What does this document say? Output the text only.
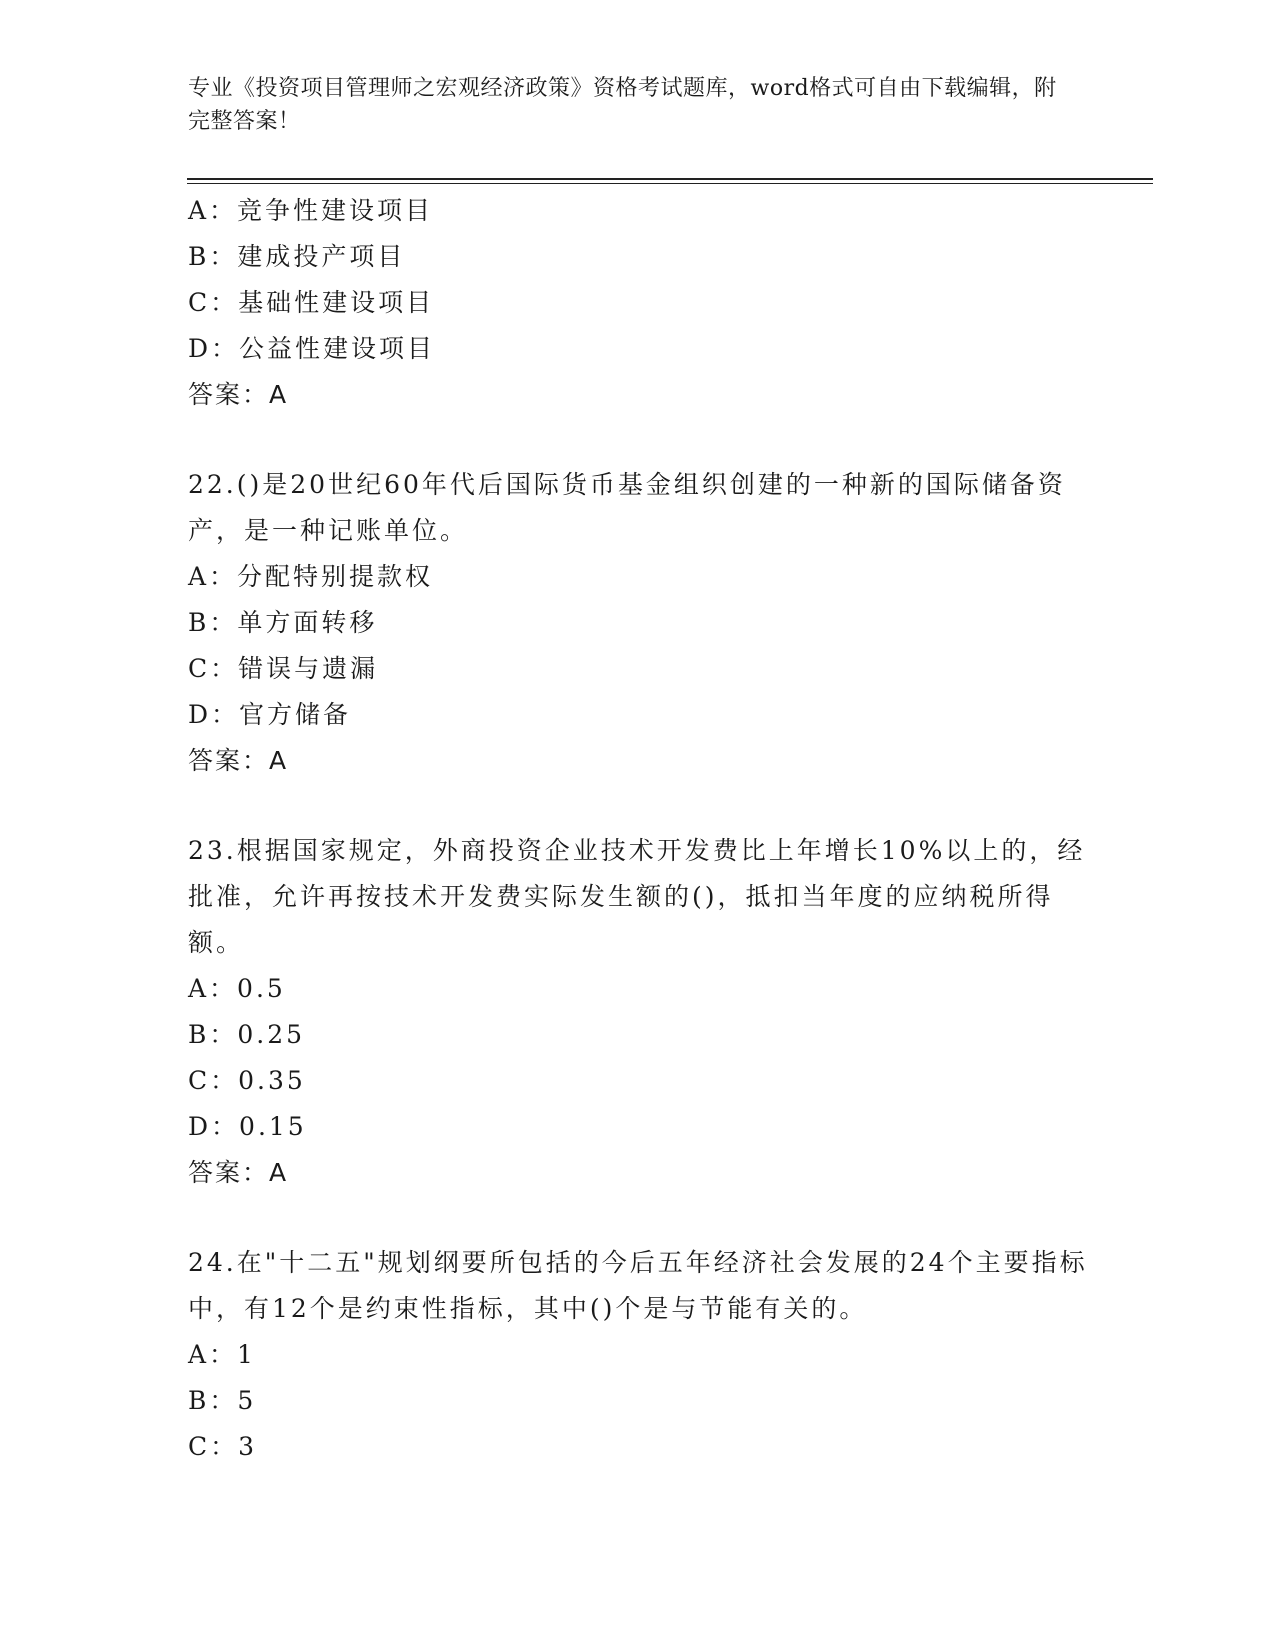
专业《投资项目管理师之宏观经济政策》资格考试题库，word格式可自由下载编辑，附完整答案！
A：竞争性建设项目
B：建成投产项目
C：基础性建设项目
D：公益性建设项目
答案：A
22.()是20世纪60年代后国际货币基金组织创建的一种新的国际储备资产，是一种记账单位。
A：分配特别提款权
B：单方面转移
C：错误与遗漏
D：官方储备
答案：A
23.根据国家规定，外商投资企业技术开发费比上年增长10%以上的，经批准，允许再按技术开发费实际发生额的()，抵扣当年度的应纳税所得额。
A：0.5
B：0.25
C：0.35
D：0.15
答案：A
24.在"十二五"规划纲要所包括的今后五年经济社会发展的24个主要指标中，有12个是约束性指标，其中()个是与节能有关的。
A：1
B：5
C：3
